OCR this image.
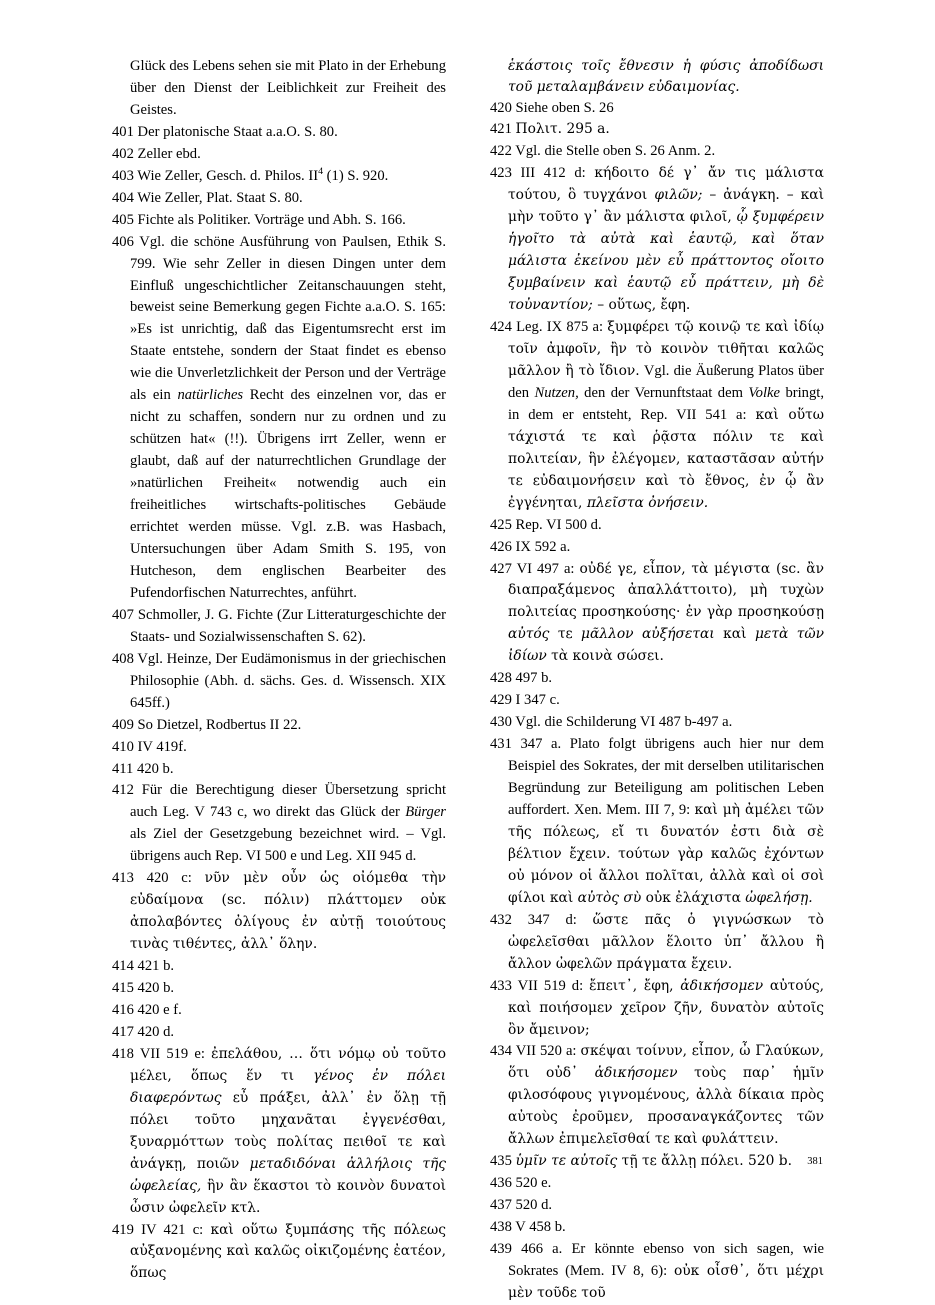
Glück des Lebens sehen sie mit Plato in der Erhebung über den Dienst der Leiblichkeit zur Freiheit des Geistes.

401 Der platonische Staat a.a.O. S. 80.

402 Zeller ebd.

403 Wie Zeller, Gesch. d. Philos. $II^4$ (1) S. 920.

404 Wie Zeller, Plat. Staat S. 80.

405 Fichte als Politiker. Vorträge und Abh. S. 166.

406 Vgl. die schöne Ausführung von Paulsen, Ethik S. 799. Wie sehr Zeller in diesen Dingen unter dem Einfluß ungeschichtlicher Zeitanschauungen steht, beweist seine Bemerkung gegen Fichte a.a.O. S. 165: »Es ist unrichtig, daß das Eigentumsrecht erst im Staate entstehe, sondern der Staat findet es ebenso wie die Unverletzlichkeit der Person und der Verträge als ein natürliches Recht des einzelnen vor, das er nicht zu schaffen, sondern nur zu ordnen und zu schützen hat« (!!). Übrigens irrt Zeller, wenn er glaubt, daß auf der naturrechtlichen Grundlage der »natürlichen Freiheit« notwendig auch ein freiheitliches wirtschafts-politisches Gebäude errichtet werden müsse. Vgl. z.B. was Hasbach, Untersuchungen über Adam Smith S. 195, von Hutcheson, dem englischen Bearbeiter des Pufendorfischen Naturrechtes, anführt.

407 Schmoller, J. G. Fichte (Zur Litteraturgeschichte der Staats- und Sozialwissenschaften S. 62).

408 Vgl. Heinze, Der Eudämonismus in der griechischen Philosophie (Abh. d. sächs. Ges. d. Wissensch. XIX 645ff.)

409 So Dietzel, Rodbertus II 22.

410 IV 419f.

411 420 b.

412 Für die Berechtigung dieser Übersetzung spricht auch Leg. V 743 c, wo direkt das Glück der Bürger als Ziel der Gesetzgebung bezeichnet wird. – Vgl. übrigens auch Rep. VI 500 e und Leg. XII 945 d.

413 420 c: νῦν μὲν οὖν ὡς οἰόμεθα τὴν εὐδαίμονα (sc. πόλιν) πλάττομεν οὐκ ἀπολαβόντες ὀλίγους ἐν αὐτῇ τοιούτους τινὰς τιθέντες, ἀλλ᾿ ὅλην.

414 421 b.

415 420 b.

416 420 e f.

417 420 d.

418 VII 519 e: ἐπελάθου, … ὅτι νόμῳ οὐ τοῦτο μέλει, ὅπως ἕν τι γένος ἐν πόλει διαφερόντως εὖ πράξει, ἀλλ᾿ ἐν ὅλῃ τῇ πόλει τοῦτο μηχανᾶται ἐγγενέσθαι, ξυναρμόττων τοὺς πολίτας πειθοῖ τε καὶ ἀνάγκῃ, ποιῶν μεταδιδόναι ἀλλήλοις τῆς ὠφελείας, ἣν ἂν ἕκαστοι τὸ κοινὸν δυνατοὶ ὦσιν ὠφελεῖν κτλ.

419 IV 421 c: καὶ οὕτω ξυμπάσης τῆς πόλεως αὐξανομένης καὶ καλῶς οἰκιζομένης ἐατέον, ὅπως

ἑκάστοις τοῖς ἔθνεσιν ἡ φύσις ἀποδίδωσι τοῦ μεταλαμβάνειν εὐδαιμονίας.

420 Siehe oben S. 26

421 Πολιτ. 295 a.

422 Vgl. die Stelle oben S. 26 Anm. 2.

423 III 412 d: κήδοιτο δέ γ᾿ ἄν τις μάλιστα τούτου, ὃ τυγχάνοι φιλῶν; – ἀνάγκη. – καὶ μὴν τοῦτο γ᾿ ἂν μάλιστα φιλοῖ, ᾧ ξυμφέρειν ἡγοῖτο τὰ αὐτὰ καὶ ἑαυτῷ, καὶ ὅταν μάλιστα ἐκείνου μὲν εὖ πράττοντος οἴοιτο ξυμβαίνειν καὶ ἑαυτῷ εὖ πράττειν, μὴ δὲ τοὐναντίον; – οὕτως, ἔφη.

424 Leg. IX 875 a: ξυμφέρει τῷ κοινῷ τε καὶ ἰδίῳ τοῖν ἀμφοῖν, ἢν τὸ κοινὸν τιθῆται καλῶς μᾶλλον ἢ τὸ ἴδιον. Vgl. die Äußerung Platos über den Nutzen, den der Vernunftstaat dem Volke bringt, in dem er entsteht, Rep. VII 541 a: καὶ οὕτω τάχιστά τε καὶ ῥᾷστα πόλιν τε καὶ πολιτείαν, ἣν ἐλέγομεν, καταστᾶσαν αὐτήν τε εὐδαιμονήσειν καὶ τὸ ἔθνος, ἐν ᾧ ἂν ἐγγένηται, πλεῖστα ὀνήσειν.

425 Rep. VI 500 d.

426 IX 592 a.

427 VI 497 a: οὐδέ γε, εἶπον, τὰ μέγιστα (sc. ἂν διαπραξάμενος ἀπαλλάττοιτο), μὴ τυχὼν πολιτείας προσηκούσης· ἐν γὰρ προσηκούσῃ αὐτός τε μᾶλλον αὐξήσεται καὶ μετὰ τῶν ἰδίων τὰ κοινὰ σώσει.

428 497 b.

429 I 347 c.

430 Vgl. die Schilderung VI 487 b-497 a.

431 347 a. Plato folgt übrigens auch hier nur dem Beispiel des Sokrates, der mit derselben utilitarischen Begründung zur Beteiligung am politischen Leben auffordert. Xen. Mem. III 7, 9: καὶ μὴ ἀμέλει τῶν τῆς πόλεως, εἴ τι δυνατόν ἐστι διὰ σὲ βέλτιον ἔχειν. τούτων γὰρ καλῶς ἐχόντων οὐ μόνον οἱ ἄλλοι πολῖται, ἀλλὰ καὶ οἱ σοὶ φίλοι καὶ αὐτὸς σὺ οὐκ ἐλάχιστα ὠφελήσῃ.

432 347 d: ὥστε πᾶς ὁ γιγνώσκων τὸ ὠφελεῖσθαι μᾶλλον ἕλοιτο ὑπ᾿ ἄλλου ἢ ἄλλον ὠφελῶν πράγματα ἔχειν.

433 VII 519 d: ἔπειτ᾿, ἔφη, ἀδικήσομεν αὐτούς, καὶ ποιήσομεν χεῖρον ζῆν, δυνατὸν αὐτοῖς ὂν ἄμεινον;

434 VII 520 a: σκέψαι τοίνυν, εἶπον, ὦ Γλαύκων, ὅτι οὐδ᾿ ἀδικήσομεν τοὺς παρ᾿ ἡμῖν φιλοσόφους γιγνομένους, ἀλλὰ δίκαια πρὸς αὐτοὺς ἐροῦμεν, προσαναγκάζοντες τῶν ἄλλων ἐπιμελεῖσθαί τε καὶ φυλάττειν.

435 ὑμῖν τε αὐτοῖς τῇ τε ἄλλῃ πόλει. 520 b.

436 520 e.

437 520 d.

438 V 458 b.

439 466 a. Er könnte ebenso von sich sagen, wie Sokrates (Mem. IV 8, 6): οὐκ οἶσθ᾿, ὅτι μέχρι μὲν τοῦδε τοῦ

381
